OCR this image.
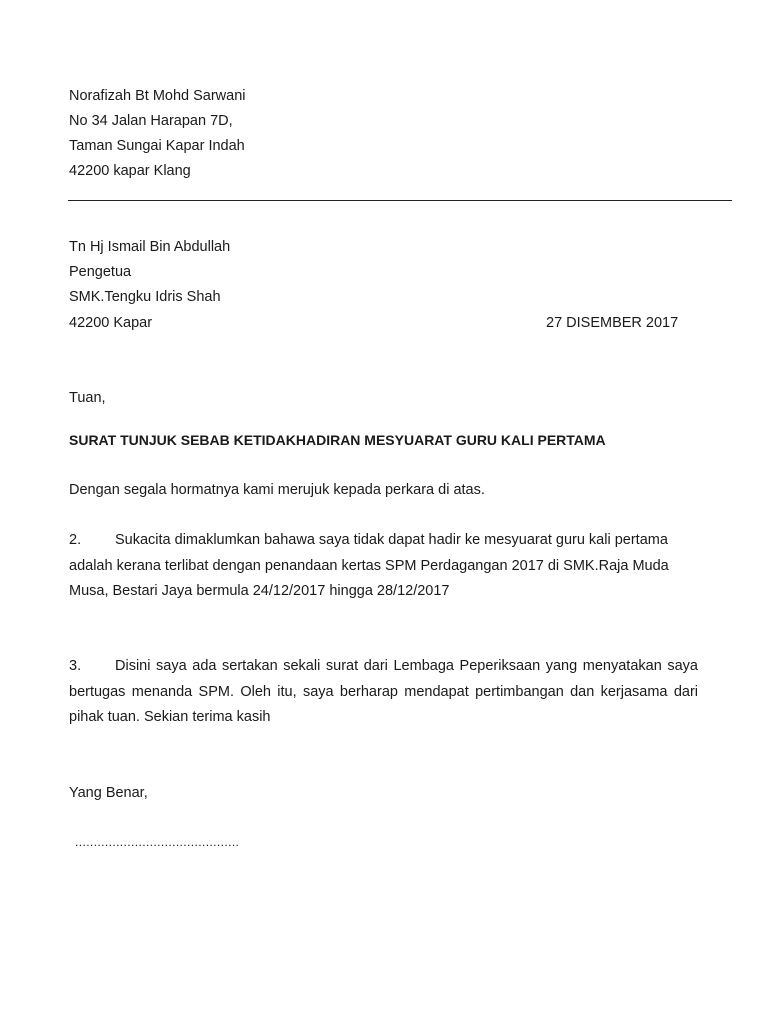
Norafizah Bt Mohd Sarwani
No 34 Jalan Harapan 7D,
Taman Sungai Kapar Indah
42200 kapar Klang
Tn Hj Ismail Bin Abdullah
Pengetua
SMK.Tengku Idris Shah
42200 Kapar	27 DISEMBER 2017
Tuan,
SURAT TUNJUK SEBAB KETIDAKHADIRAN MESYUARAT GURU KALI PERTAMA
Dengan segala hormatnya kami merujuk kepada perkara di atas.
2. Sukacita dimaklumkan bahawa saya tidak dapat hadir ke mesyuarat guru kali pertama adalah kerana terlibat dengan penandaan kertas SPM Perdagangan 2017 di SMK.Raja Muda Musa, Bestari Jaya bermula 24/12/2017 hingga 28/12/2017
3. Disini saya ada sertakan sekali surat dari Lembaga Peperiksaan yang menyatakan saya bertugas menanda SPM. Oleh itu, saya berharap mendapat pertimbangan dan kerjasama dari pihak tuan. Sekian terima kasih
Yang Benar,
............................................
